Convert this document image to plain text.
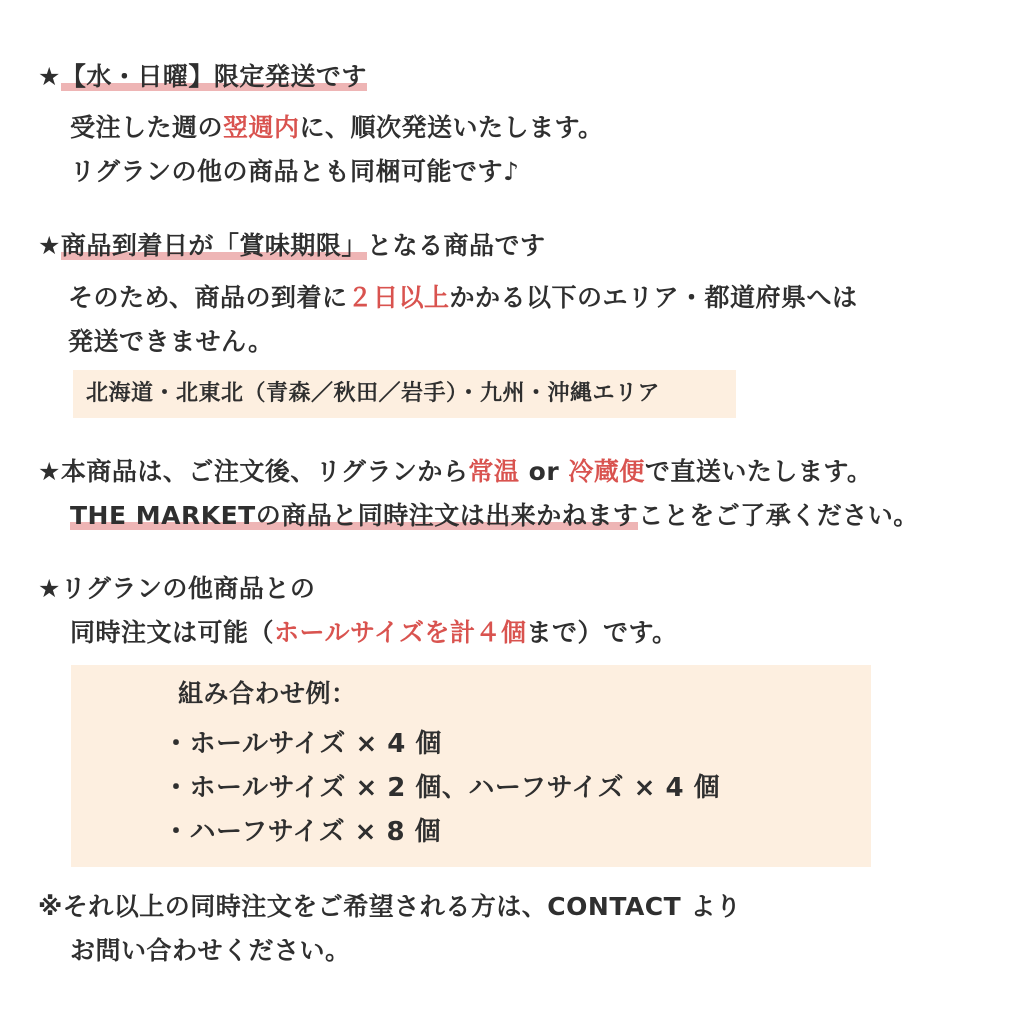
★【水・日曜】限定発送です
受注した週の翌週内に、順次発送いたします。
リグランの他の商品とも同梱可能です♪
★商品到着日が「賞味期限」となる商品です
そのため、商品の到着に２日以上かかる以下のエリア・都道府県へは
発送できません。
北海道・北東北（青森／秋田／岩手）・九州・沖縄エリア
★本商品は、ご注文後、リグランから常温 or 冷蔵便で直送いたします。
THE MARKETの商品と同時注文は出来かねますことをご了承ください。
★リグランの他商品との
同時注文は可能（ホールサイズを計４個まで）です。
組み合わせ例：
・ホールサイズ × 4 個
・ホールサイズ × 2 個、ハーフサイズ × 4 個
・ハーフサイズ × 8 個
※それ以上の同時注文をご希望される方は、CONTACT より
お問い合わせください。
